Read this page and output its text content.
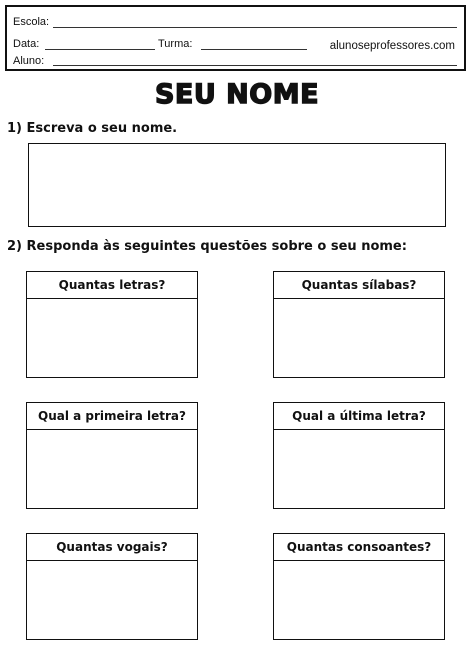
Escola:
Data:	Turma:	alunoseprofessores.com
Aluno:
SEU NOME
1) Escreva o seu nome.
2) Responda às seguintes questões sobre o seu nome:
Quantas letras?	Quantas sílabas?
Qual a primeira letra?	Qual a última letra?
Quantas vogais?	Quantas consoantes?
